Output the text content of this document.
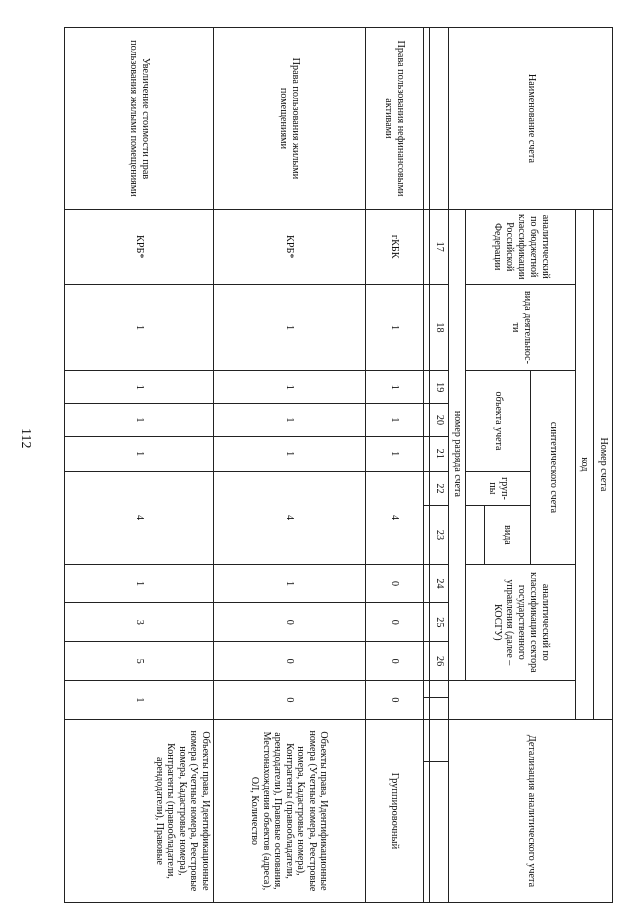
112
Наименование счета	Номер счета												Детализация аналитического учета	
	код													
	аналитический по бюджетной классификации Российской Федерации	вида деятельнос-ти	синтетического счета					аналитический по классификации сектора государственного управления (далее – КОСГУ)						
			объекта учета			груп-пы	вида							

	номер разряда счета													
	17	18	19	20	21	22	23	24	25	26				

Права пользования нефинансовыми активами	гКБК	1	1	1	1	4		0	0	0	0		Группировочный	
Права пользования жилыми помещениями	КРБ*	1	1	1	1	4		1	0	0	0		Объекты права, Идентификационные номера (Учетные номера, Реестровые номера, Кадастровые номера), Контрагенты (правообладатели, арендодатели), Правовые основания, Местонахождения объектов (адреса), ОЛ, Количество	
Увеличение стоимости прав пользования жилыми помещениями	КРБ*	1	1	1	1	4		1	3	5	1		Объекты права, Идентификационные номера (Учетные номера, Реестровые номера, Кадастровые номера), Контрагенты (правообладатели, арендодатели), Правовые	
